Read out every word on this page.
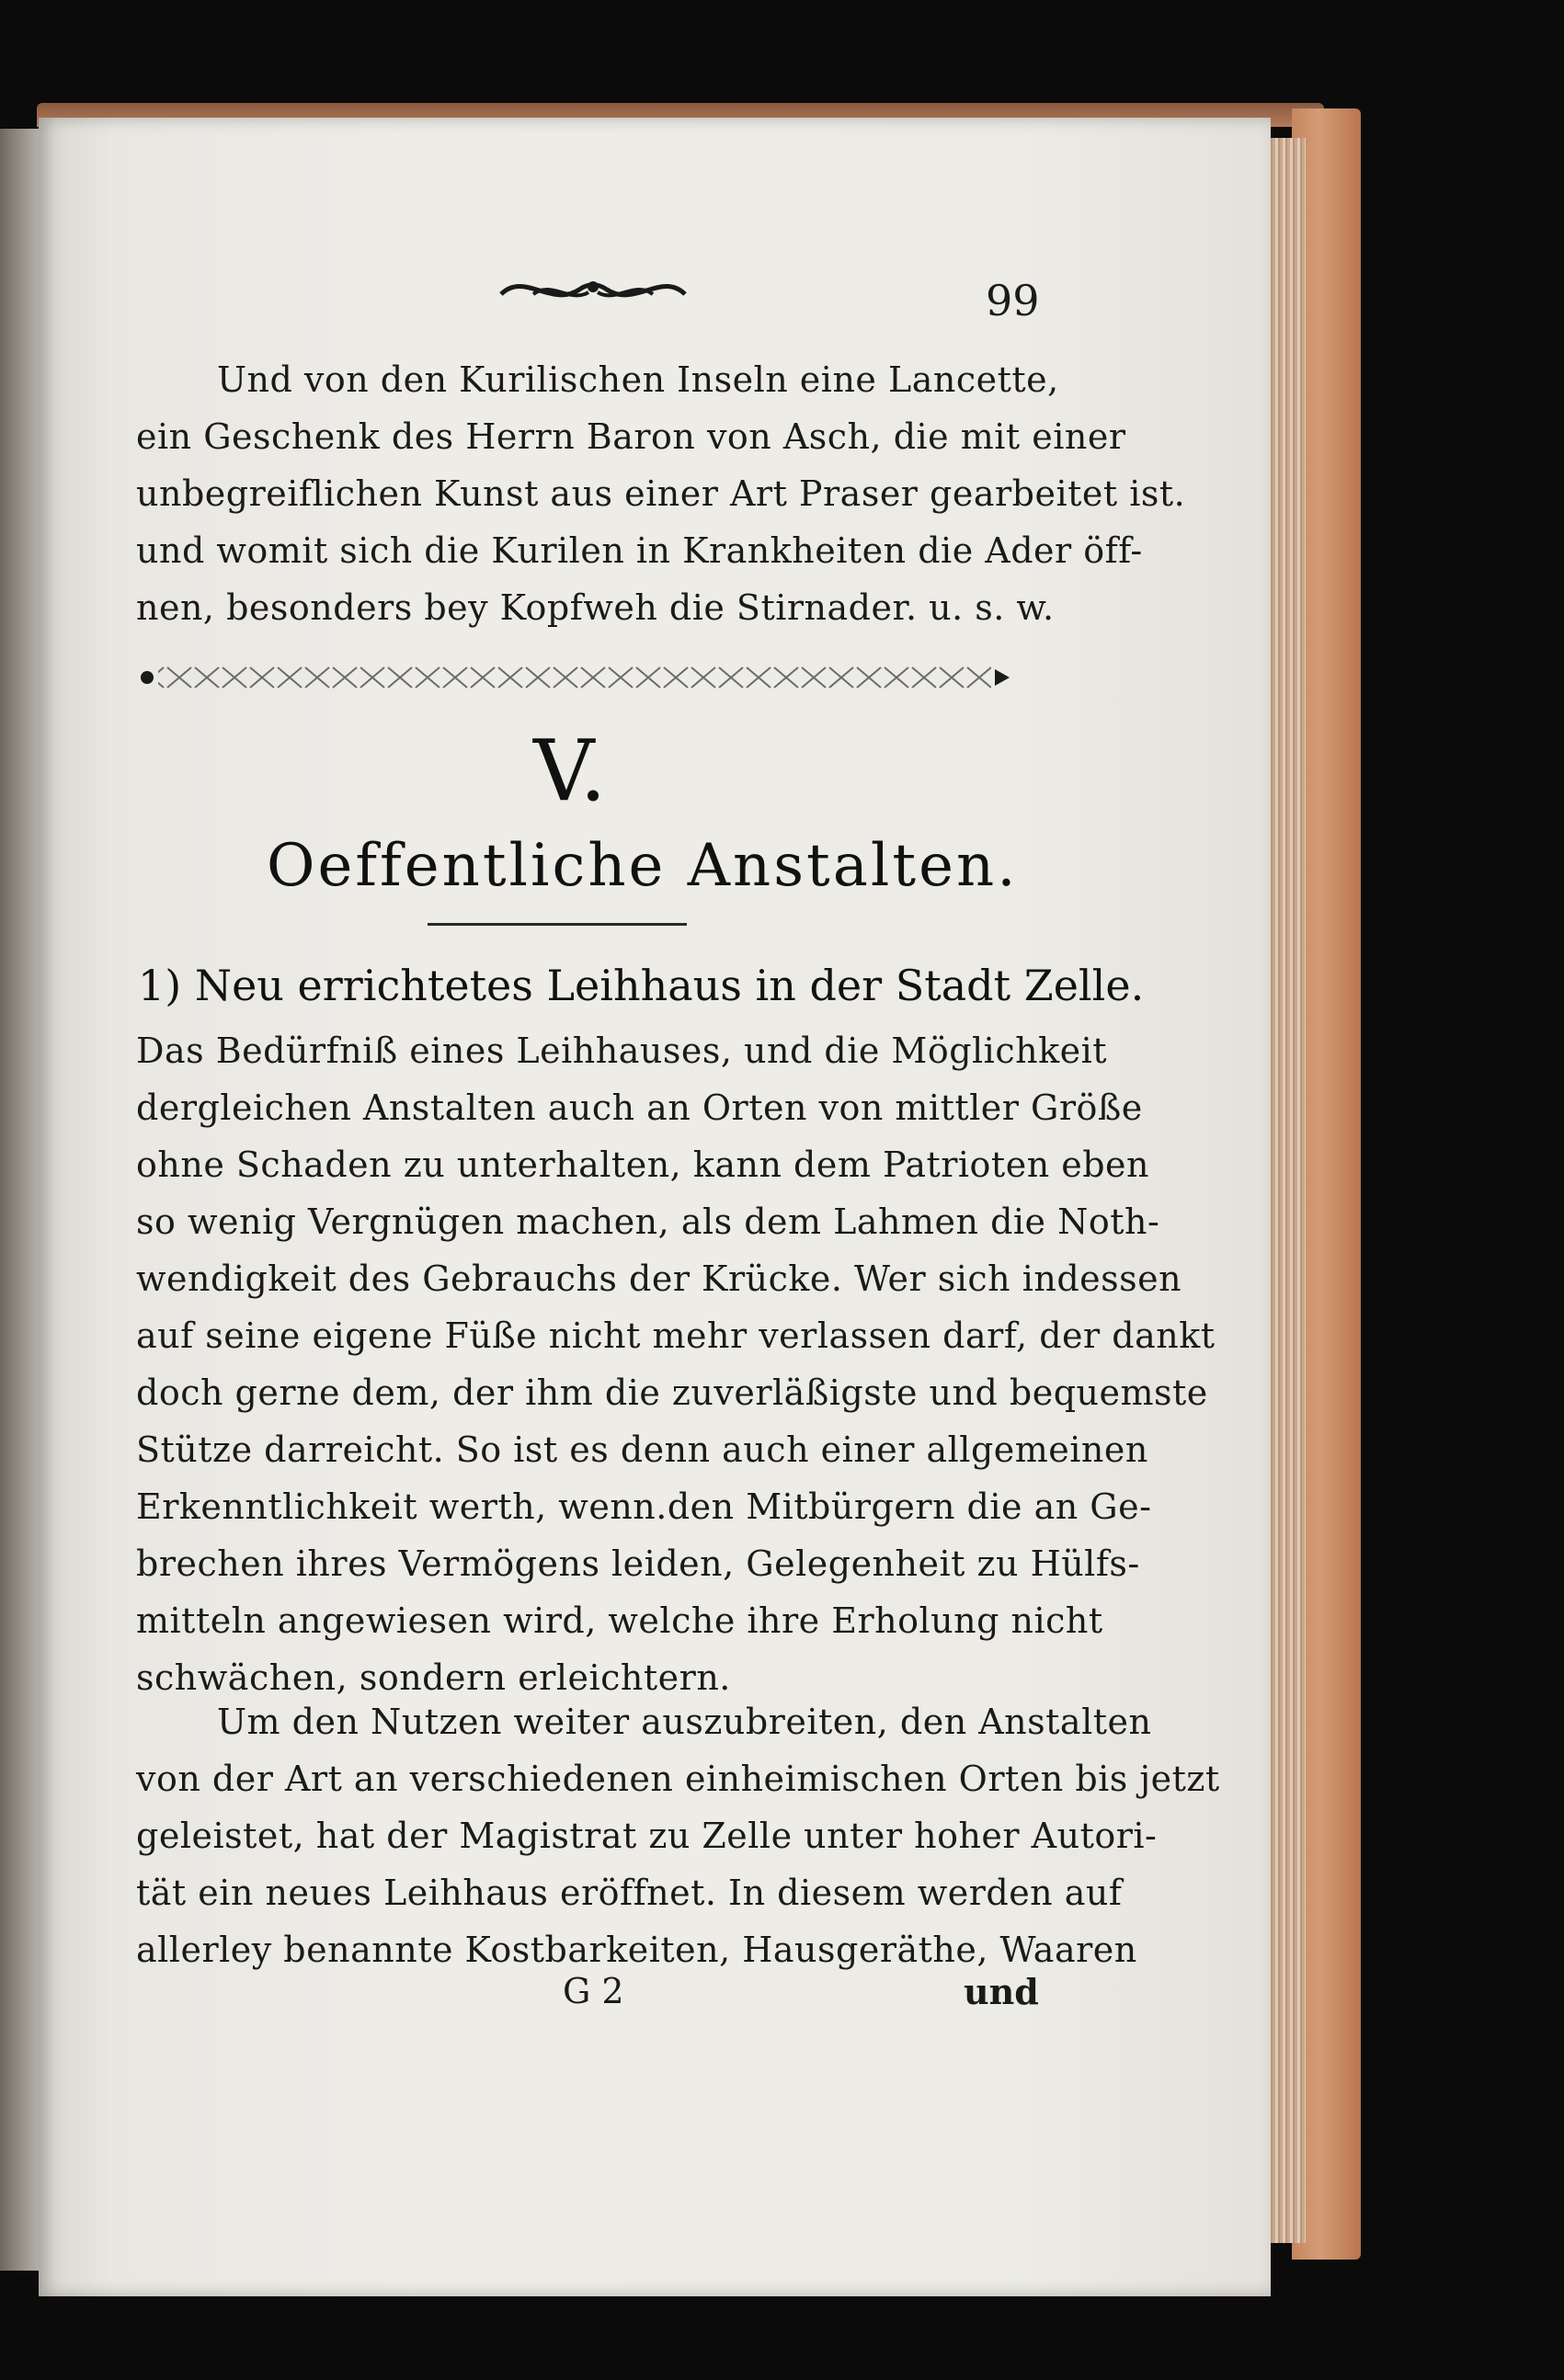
99
Und von den Kurilischen Inseln eine Lancette,
ein Geschenk des Herrn Baron von Asch, die mit einer
unbegreiflichen Kunst aus einer Art Praser gearbeitet ist.
und womit sich die Kurilen in Krankheiten die Ader öff-
nen, besonders bey Kopfweh die Stirnader. u. s. w.
V.
Oeffentliche Anstalten.
1) Neu errichtetes Leihhaus in der Stadt Zelle.
Das Bedürfniß eines Leihhauses, und die Möglichkeit
dergleichen Anstalten auch an Orten von mittler Größe
ohne Schaden zu unterhalten, kann dem Patrioten eben
so wenig Vergnügen machen, als dem Lahmen die Noth-
wendigkeit des Gebrauchs der Krücke. Wer sich indessen
auf seine eigene Füße nicht mehr verlassen darf, der dankt
doch gerne dem, der ihm die zuverläßigste und bequemste
Stütze darreicht. So ist es denn auch einer allgemeinen
Erkenntlichkeit werth, wenn.den Mitbürgern die an Ge-
brechen ihres Vermögens leiden, Gelegenheit zu Hülfs-
mitteln angewiesen wird, welche ihre Erholung nicht
schwächen, sondern erleichtern.
Um den Nutzen weiter auszubreiten, den Anstalten
von der Art an verschiedenen einheimischen Orten bis jetzt
geleistet, hat der Magistrat zu Zelle unter hoher Autori-
tät ein neues Leihhaus eröffnet. In diesem werden auf
allerley benannte Kostbarkeiten, Hausgeräthe, Waaren
G 2	und
